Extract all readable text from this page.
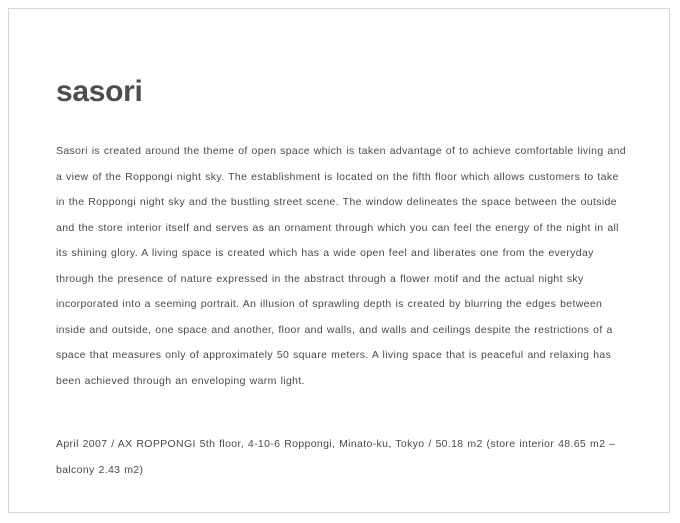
sasori

Sasori is created around the theme of open space which is taken advantage of to achieve comfortable living and a view of the Roppongi night sky. The establishment is located on the fifth floor which allows customers to take in the Roppongi night sky and the bustling street scene. The window delineates the space between the outside and the store interior itself and serves as an ornament through which you can feel the energy of the night in all its shining glory. A living space is created which has a wide open feel and liberates one from the everyday through the presence of nature expressed in the abstract through a flower motif and the actual night sky incorporated into a seeming portrait. An illusion of sprawling depth is created by blurring the edges between inside and outside, one space and another, floor and walls, and walls and ceilings despite the restrictions of a space that measures only of approximately 50 square meters. A living space that is peaceful and relaxing has been achieved through an enveloping warm light.

April 2007 / AX ROPPONGI 5th floor, 4-10-6 Roppongi, Minato-ku, Tokyo / 50.18 m2 (store interior 48.65 m2 – balcony 2.43 m2)
